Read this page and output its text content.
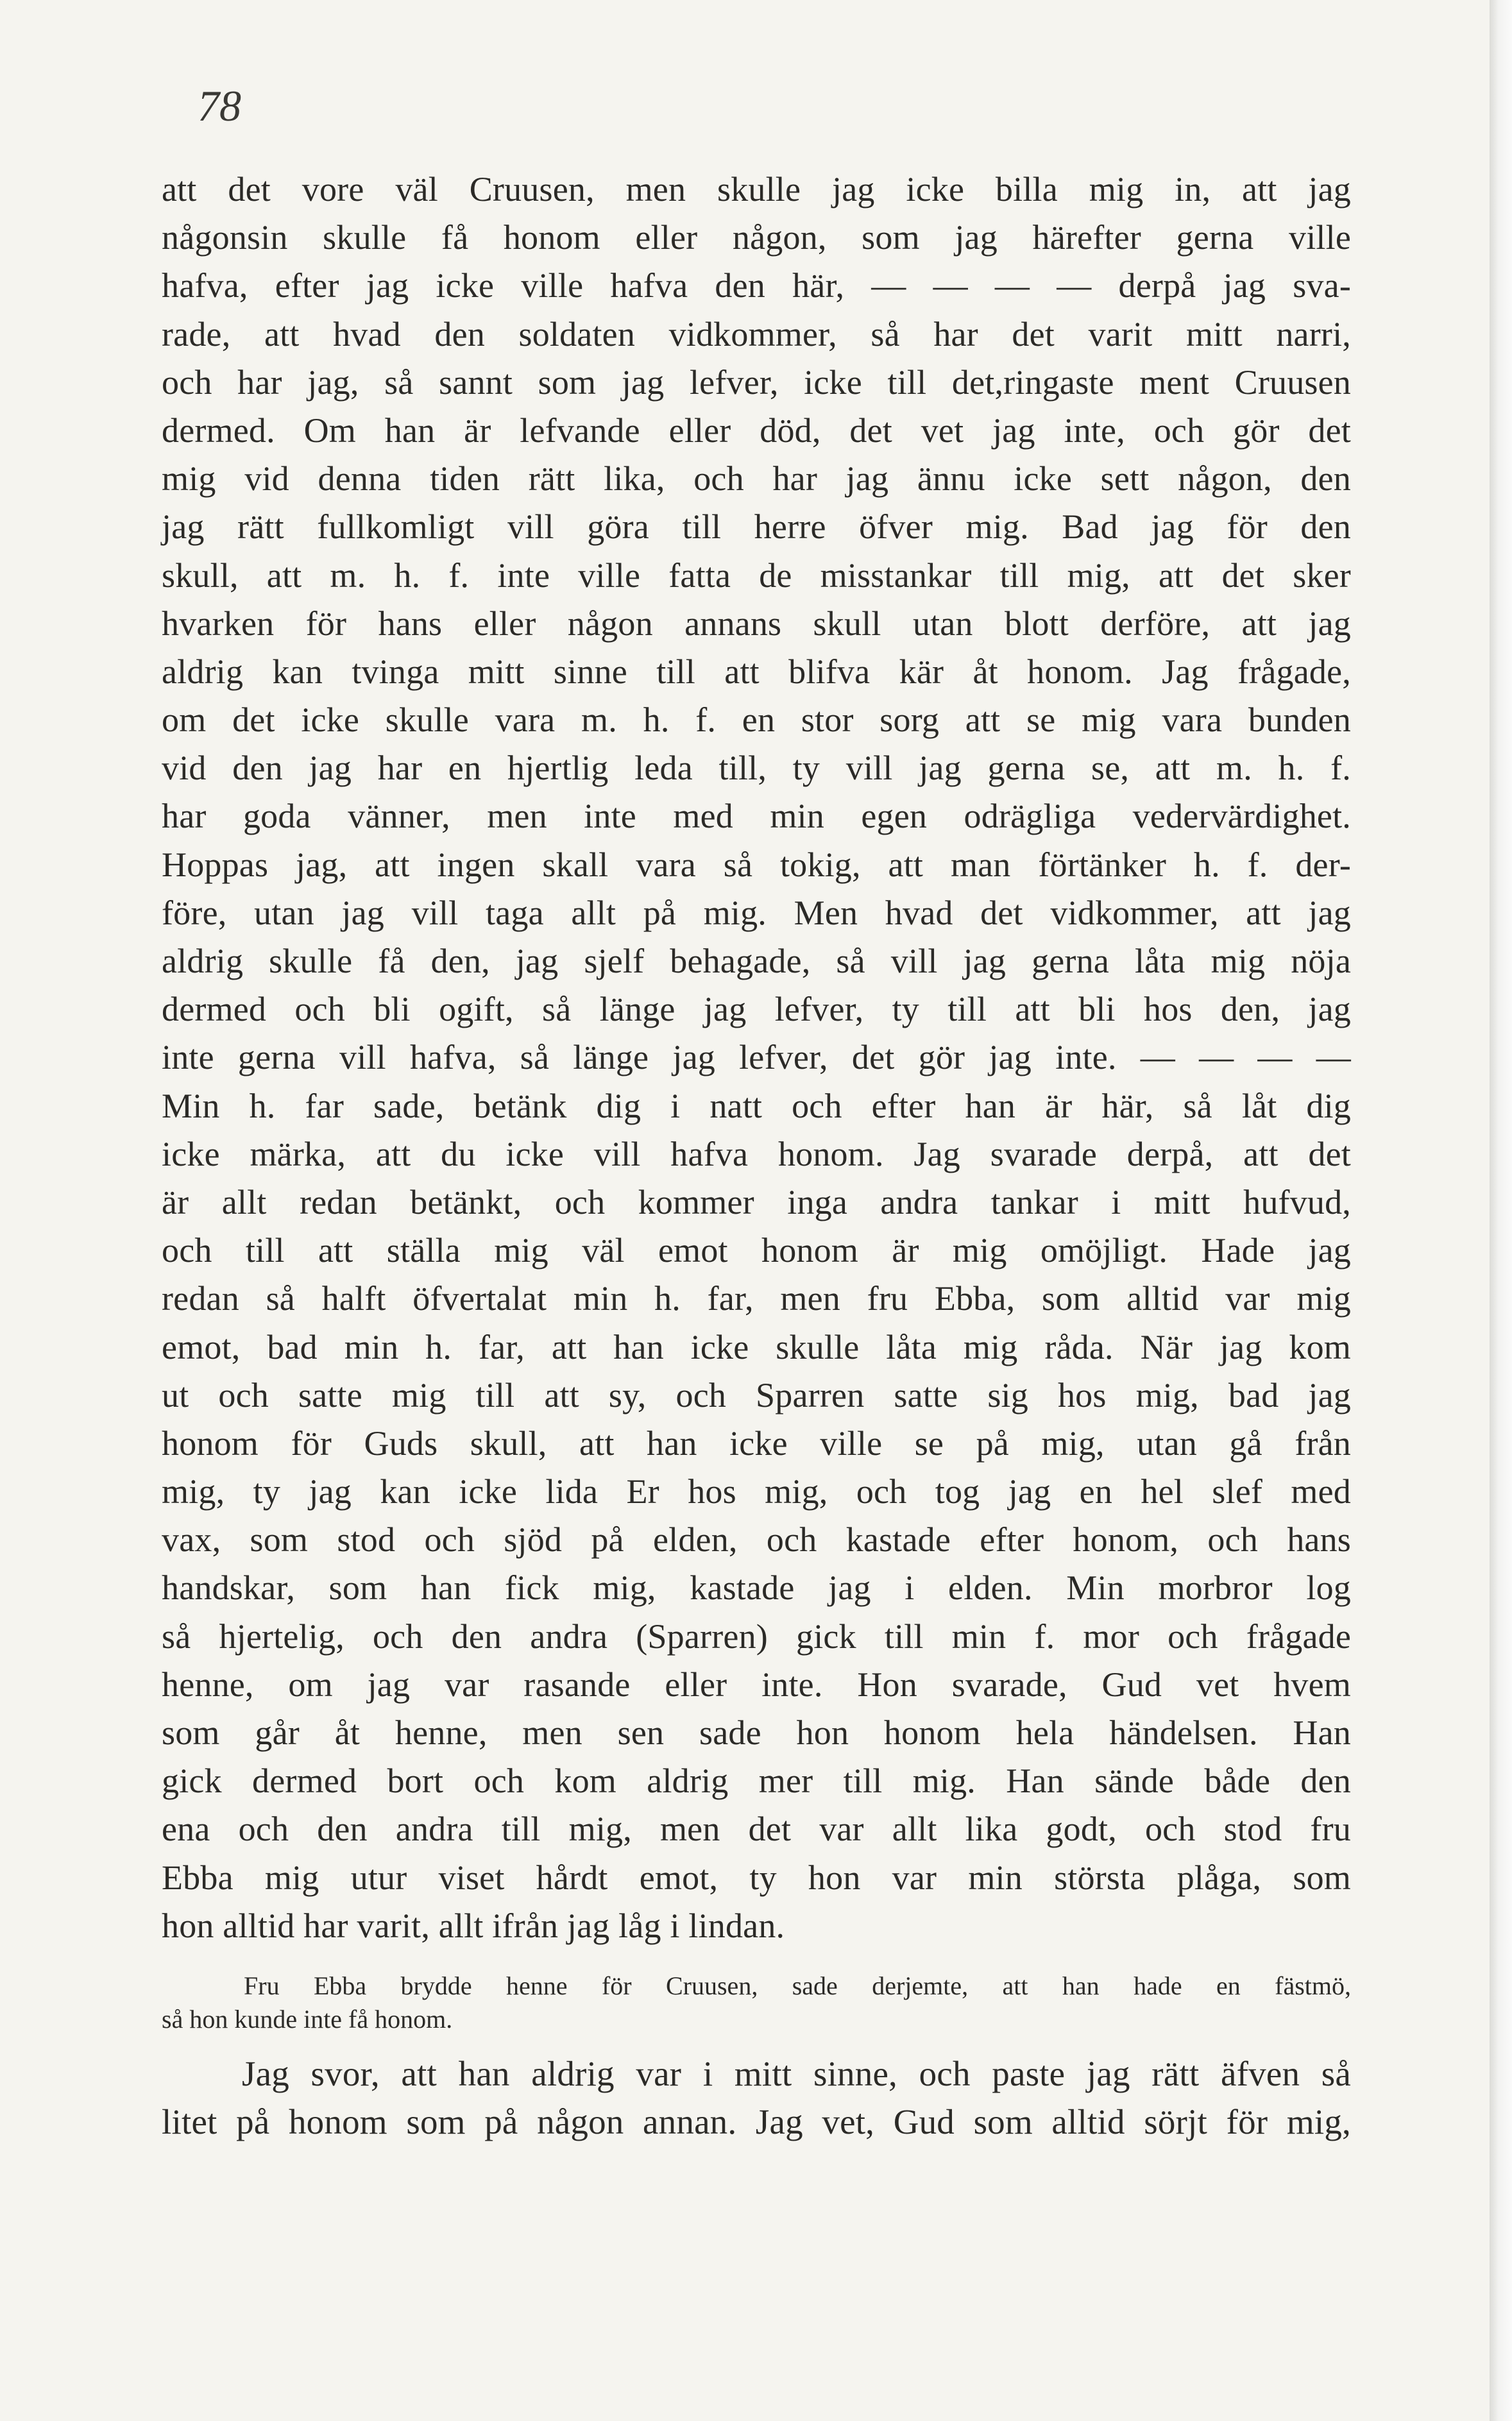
78
att det vore väl Cruusen, men skulle jag icke billa mig in, att jag
någonsin skulle få honom eller någon, som jag härefter gerna ville
hafva, efter jag icke ville hafva den här, — — — — derpå jag sva-
rade, att hvad den soldaten vidkommer, så har det varit mitt narri,
och har jag, så sannt som jag lefver, icke till det,ringaste ment Cruusen
dermed. Om han är lefvande eller död, det vet jag inte, och gör det
mig vid denna tiden rätt lika, och har jag ännu icke sett någon, den
jag rätt fullkomligt vill göra till herre öfver mig. Bad jag för den
skull, att m. h. f. inte ville fatta de misstankar till mig, att det sker
hvarken för hans eller någon annans skull utan blott derföre, att jag
aldrig kan tvinga mitt sinne till att blifva kär åt honom. Jag frågade,
om det icke skulle vara m. h. f. en stor sorg att se mig vara bunden
vid den jag har en hjertlig leda till, ty vill jag gerna se, att m. h. f.
har goda vänner, men inte med min egen odrägliga vedervärdighet.
Hoppas jag, att ingen skall vara så tokig, att man förtänker h. f. der-
före, utan jag vill taga allt på mig. Men hvad det vidkommer, att jag
aldrig skulle få den, jag sjelf behagade, så vill jag gerna låta mig nöja
dermed och bli ogift, så länge jag lefver, ty till att bli hos den, jag
inte gerna vill hafva, så länge jag lefver, det gör jag inte. — — — —
Min h. far sade, betänk dig i natt och efter han är här, så låt dig
icke märka, att du icke vill hafva honom. Jag svarade derpå, att det
är allt redan betänkt, och kommer inga andra tankar i mitt hufvud,
och till att ställa mig väl emot honom är mig omöjligt. Hade jag
redan så halft öfvertalat min h. far, men fru Ebba, som alltid var mig
emot, bad min h. far, att han icke skulle låta mig råda. När jag kom
ut och satte mig till att sy, och Sparren satte sig hos mig, bad jag
honom för Guds skull, att han icke ville se på mig, utan gå från
mig, ty jag kan icke lida Er hos mig, och tog jag en hel slef med
vax, som stod och sjöd på elden, och kastade efter honom, och hans
handskar, som han fick mig, kastade jag i elden. Min morbror log
så hjertelig, och den andra (Sparren) gick till min f. mor och frågade
henne, om jag var rasande eller inte. Hon svarade, Gud vet hvem
som går åt henne, men sen sade hon honom hela händelsen. Han
gick dermed bort och kom aldrig mer till mig. Han sände både den
ena och den andra till mig, men det var allt lika godt, och stod fru
Ebba mig utur viset hårdt emot, ty hon var min största plåga, som
hon alltid har varit, allt ifrån jag låg i lindan.
Fru Ebba brydde henne för Cruusen, sade derjemte, att han hade en fästmö,
så hon kunde inte få honom.
Jag svor, att han aldrig var i mitt sinne, och paste jag rätt äfven så
litet på honom som på någon annan. Jag vet, Gud som alltid sörjt för mig,
